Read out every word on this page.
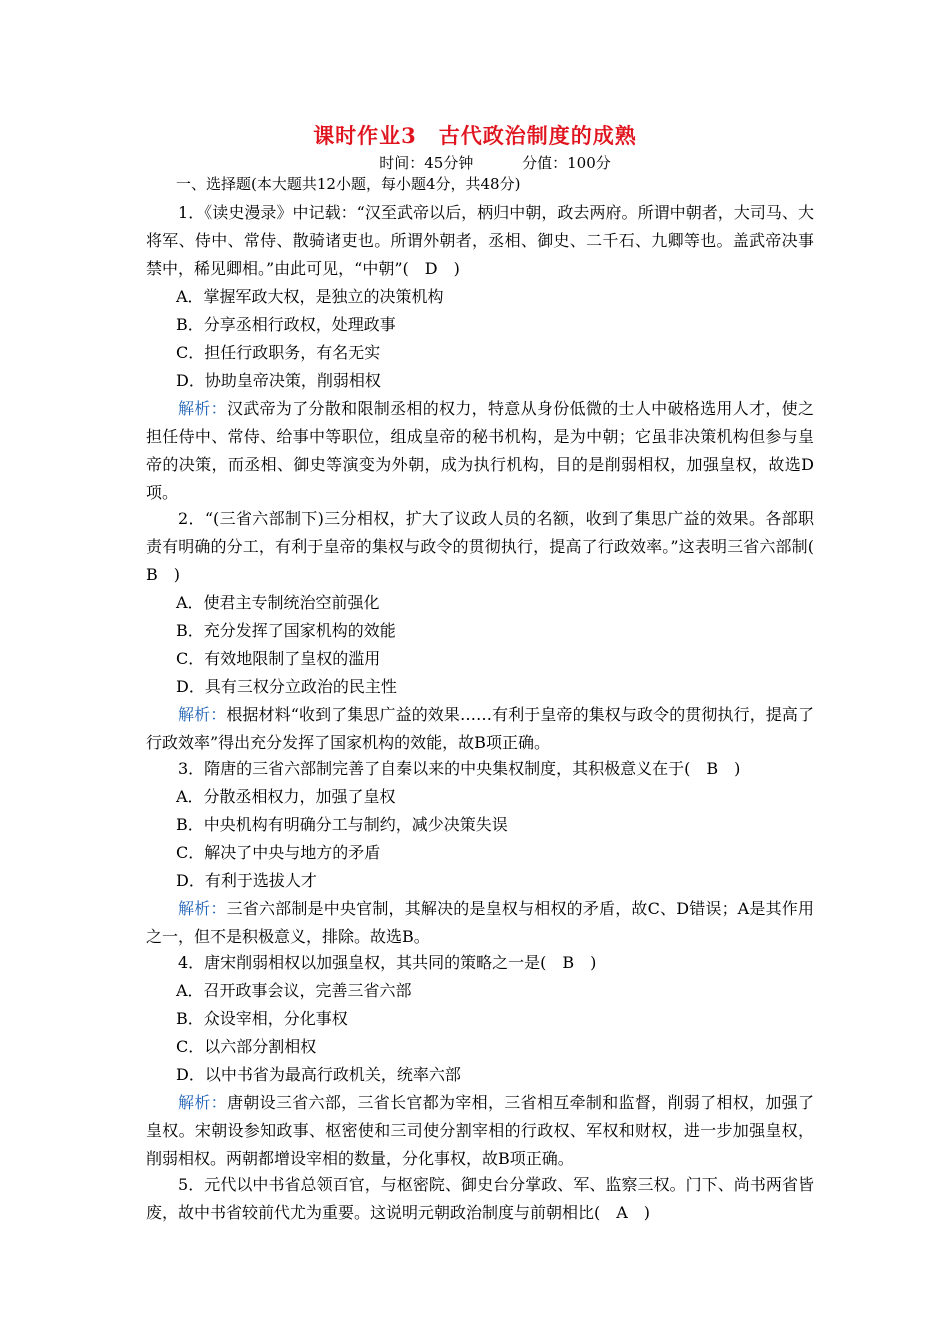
课时作业3　古代政治制度的成熟
时间：45分钟	分值：100分
一、选择题(本大题共12小题，每小题4分，共48分)
1．《读史漫录》中记载：“汉至武帝以后，柄归中朝，政去两府。所谓中朝者，大司马、大将军、侍中、常侍、散骑诸吏也。所谓外朝者，丞相、御史、二千石、九卿等也。盖武帝决事禁中，稀见卿相。”由此可见，“中朝”(　D　)
A．掌握军政大权，是独立的决策机构
B．分享丞相行政权，处理政事
C．担任行政职务，有名无实
D．协助皇帝决策，削弱相权
解析：汉武帝为了分散和限制丞相的权力，特意从身份低微的士人中破格选用人才，使之担任侍中、常侍、给事中等职位，组成皇帝的秘书机构，是为中朝；它虽非决策机构但参与皇帝的决策，而丞相、御史等演变为外朝，成为执行机构，目的是削弱相权，加强皇权，故选D项。
2．“(三省六部制下)三分相权，扩大了议政人员的名额，收到了集思广益的效果。各部职责有明确的分工，有利于皇帝的集权与政令的贯彻执行，提高了行政效率。”这表明三省六部制(　B　)
A．使君主专制统治空前强化
B．充分发挥了国家机构的效能
C．有效地限制了皇权的滥用
D．具有三权分立政治的民主性
解析：根据材料“收到了集思广益的效果……有利于皇帝的集权与政令的贯彻执行，提高了行政效率”得出充分发挥了国家机构的效能，故B项正确。
3．隋唐的三省六部制完善了自秦以来的中央集权制度，其积极意义在于(　B　)
A．分散丞相权力，加强了皇权
B．中央机构有明确分工与制约，减少决策失误
C．解决了中央与地方的矛盾
D．有利于选拔人才
解析：三省六部制是中央官制，其解决的是皇权与相权的矛盾，故C、D错误；A是其作用之一，但不是积极意义，排除。故选B。
4．唐宋削弱相权以加强皇权，其共同的策略之一是(　B　)
A．召开政事会议，完善三省六部
B．众设宰相，分化事权
C．以六部分割相权
D．以中书省为最高行政机关，统率六部
解析：唐朝设三省六部，三省长官都为宰相，三省相互牵制和监督，削弱了相权，加强了皇权。宋朝设参知政事、枢密使和三司使分割宰相的行政权、军权和财权，进一步加强皇权，削弱相权。两朝都增设宰相的数量，分化事权，故B项正确。
5．元代以中书省总领百官，与枢密院、御史台分掌政、军、监察三权。门下、尚书两省皆废，故中书省较前代尤为重要。这说明元朝政治制度与前朝相比(　A　)
